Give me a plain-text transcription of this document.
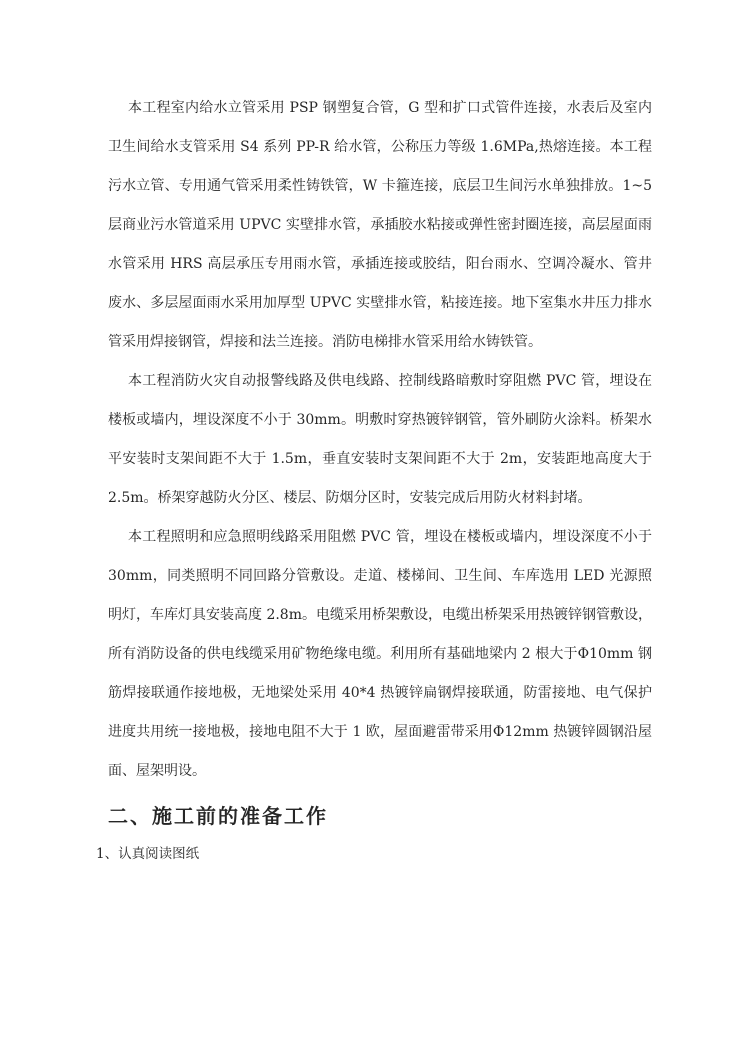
本工程室内给水立管采用 PSP 钢塑复合管，G 型和扩口式管件连接，水表后及室内卫生间给水支管采用 S4 系列 PP-R 给水管，公称压力等级 1.6MPa,热熔连接。本工程污水立管、专用通气管采用柔性铸铁管，W 卡箍连接，底层卫生间污水单独排放。1~5 层商业污水管道采用 UPVC 实壁排水管，承插胶水粘接或弹性密封圈连接，高层屋面雨水管采用 HRS 高层承压专用雨水管，承插连接或胶结，阳台雨水、空调冷凝水、管井废水、多层屋面雨水采用加厚型 UPVC 实壁排水管，粘接连接。地下室集水井压力排水管采用焊接钢管，焊接和法兰连接。消防电梯排水管采用给水铸铁管。

本工程消防火灾自动报警线路及供电线路、控制线路暗敷时穿阻燃 PVC 管，埋设在楼板或墙内，埋设深度不小于 30mm。明敷时穿热镀锌钢管，管外刷防火涂料。桥架水平安装时支架间距不大于 1.5m，垂直安装时支架间距不大于 2m，安装距地高度大于 2.5m。桥架穿越防火分区、楼层、防烟分区时，安装完成后用防火材料封堵。

本工程照明和应急照明线路采用阻燃 PVC 管，埋设在楼板或墙内，埋设深度不小于 30mm，同类照明不同回路分管敷设。走道、楼梯间、卫生间、车库选用 LED 光源照明灯，车库灯具安装高度 2.8m。电缆采用桥架敷设，电缆出桥架采用热镀锌钢管敷设，所有消防设备的供电线缆采用矿物绝缘电缆。利用所有基础地梁内 2 根大于Φ10mm 钢筋焊接联通作接地极，无地梁处采用 40*4 热镀锌扁钢焊接联通，防雷接地、电气保护进度共用统一接地极，接地电阻不大于 1 欧，屋面避雷带采用Φ12mm 热镀锌圆钢沿屋面、屋架明设。

二、施工前的准备工作

1、认真阅读图纸
